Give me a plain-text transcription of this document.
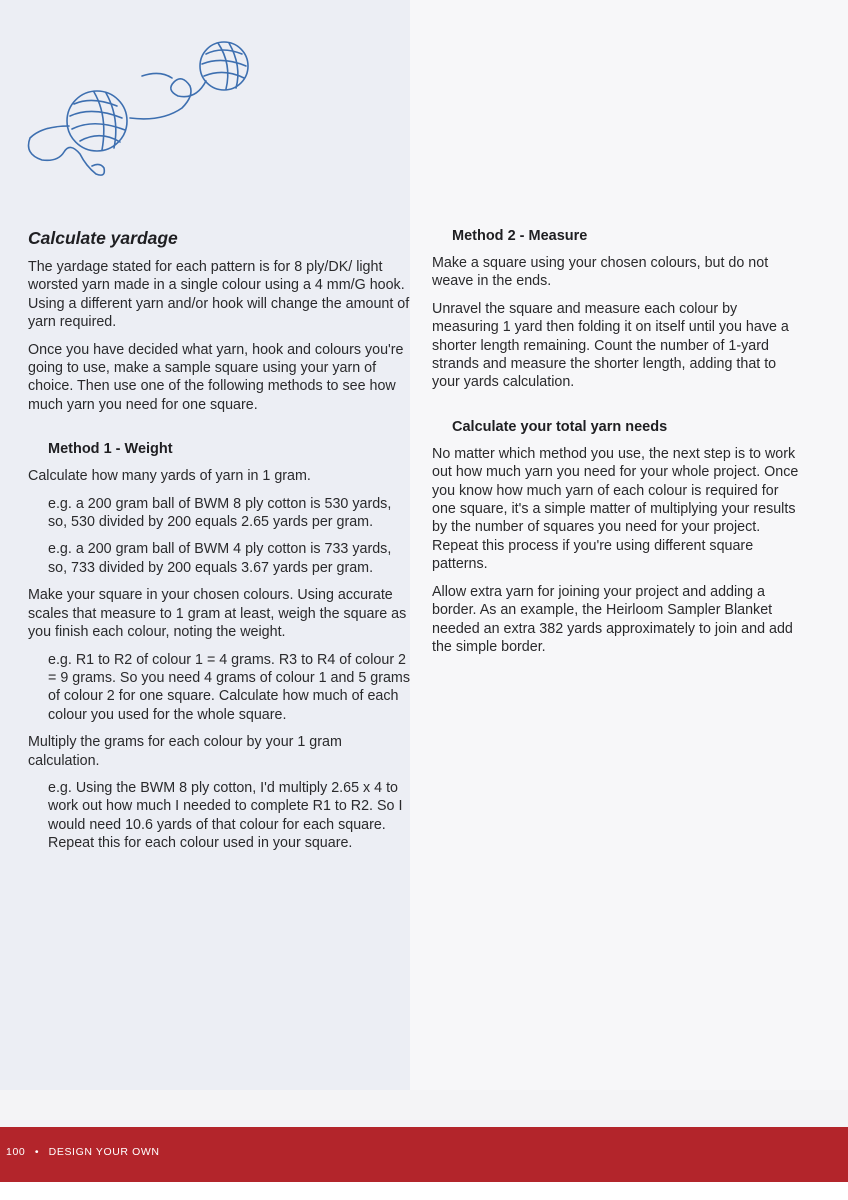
Calculate yardage

The yardage stated for each pattern is for 8 ply/DK/ light worsted yarn made in a single colour using a 4 mm/G hook. Using a different yarn and/or hook will change the amount of yarn required.

Once you have decided what yarn, hook and colours you're going to use, make a sample square using your yarn of choice. Then use one of the following methods to see how much yarn you need for one square.

Method 1 - Weight

Calculate how many yards of yarn in 1 gram.

e.g. a 200 gram ball of BWM 8 ply cotton is 530 yards, so, 530 divided by 200 equals 2.65 yards per gram.

e.g. a 200 gram ball of BWM 4 ply cotton is 733 yards, so, 733 divided by 200 equals 3.67 yards per gram.

Make your square in your chosen colours. Using accurate scales that measure to 1 gram at least, weigh the square as you finish each colour, noting the weight.

e.g. R1 to R2 of colour 1 = 4 grams. R3 to R4 of colour 2 = 9 grams. So you need 4 grams of colour 1 and 5 grams of colour 2 for one square. Calculate how much of each colour you used for the whole square.

Multiply the grams for each colour by your 1 gram calculation.

e.g. Using the BWM 8 ply cotton, I'd multiply 2.65 x 4 to work out how much I needed to complete R1 to R2. So I would need 10.6 yards of that colour for each square. Repeat this for each colour used in your square.

Method 2 - Measure

Make a square using your chosen colours, but do not weave in the ends.

Unravel the square and measure each colour by measuring 1 yard then folding it on itself until you have a shorter length remaining. Count the number of 1-yard strands and measure the shorter length, adding that to your yards calculation.

Calculate your total yarn needs

No matter which method you use, the next step is to work out how much yarn you need for your whole project. Once you know how much yarn of each colour is required for one square, it's a simple matter of multiplying your results by the number of squares you need for your project. Repeat this process if you're using different square patterns.

Allow extra yarn for joining your project and adding a border. As an example, the Heirloom Sampler Blanket needed an extra 382 yards approximately to join and add the simple border.

100 • DESIGN YOUR OWN
